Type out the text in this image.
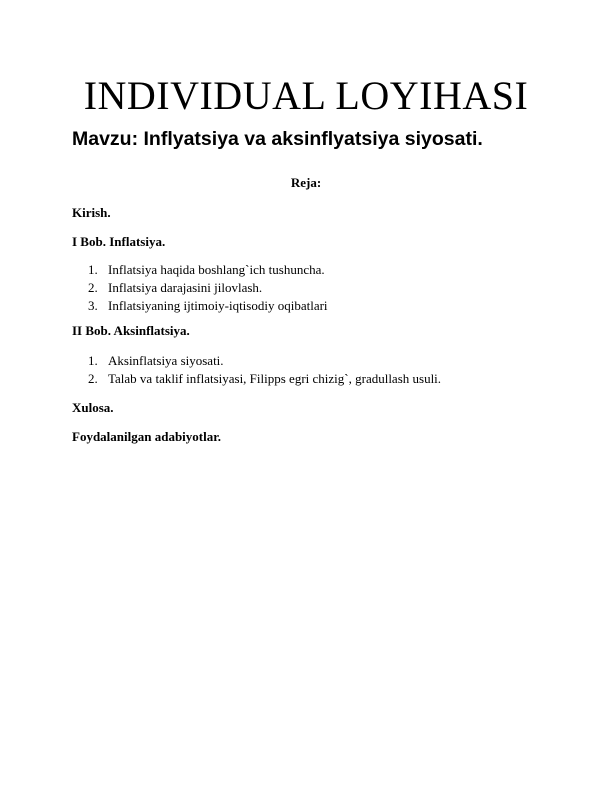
INDIVIDUAL LOYIHASI
Mavzu: Inflyatsiya va aksinflyatsiya siyosati.
Reja:
Kirish.
I Bob. Inflatsiya.
1. Inflatsiya haqida boshlang`ich tushuncha.
2. Inflatsiya darajasini jilovlash.
3. Inflatsiyaning ijtimoiy-iqtisodiy oqibatlari
II Bob. Aksinflatsiya.
1. Aksinflatsiya siyosati.
2. Talab va taklif inflatsiyasi, Filipps egri chizig`, gradullash usuli.
Xulosa.
Foydalanilgan adabiyotlar.
